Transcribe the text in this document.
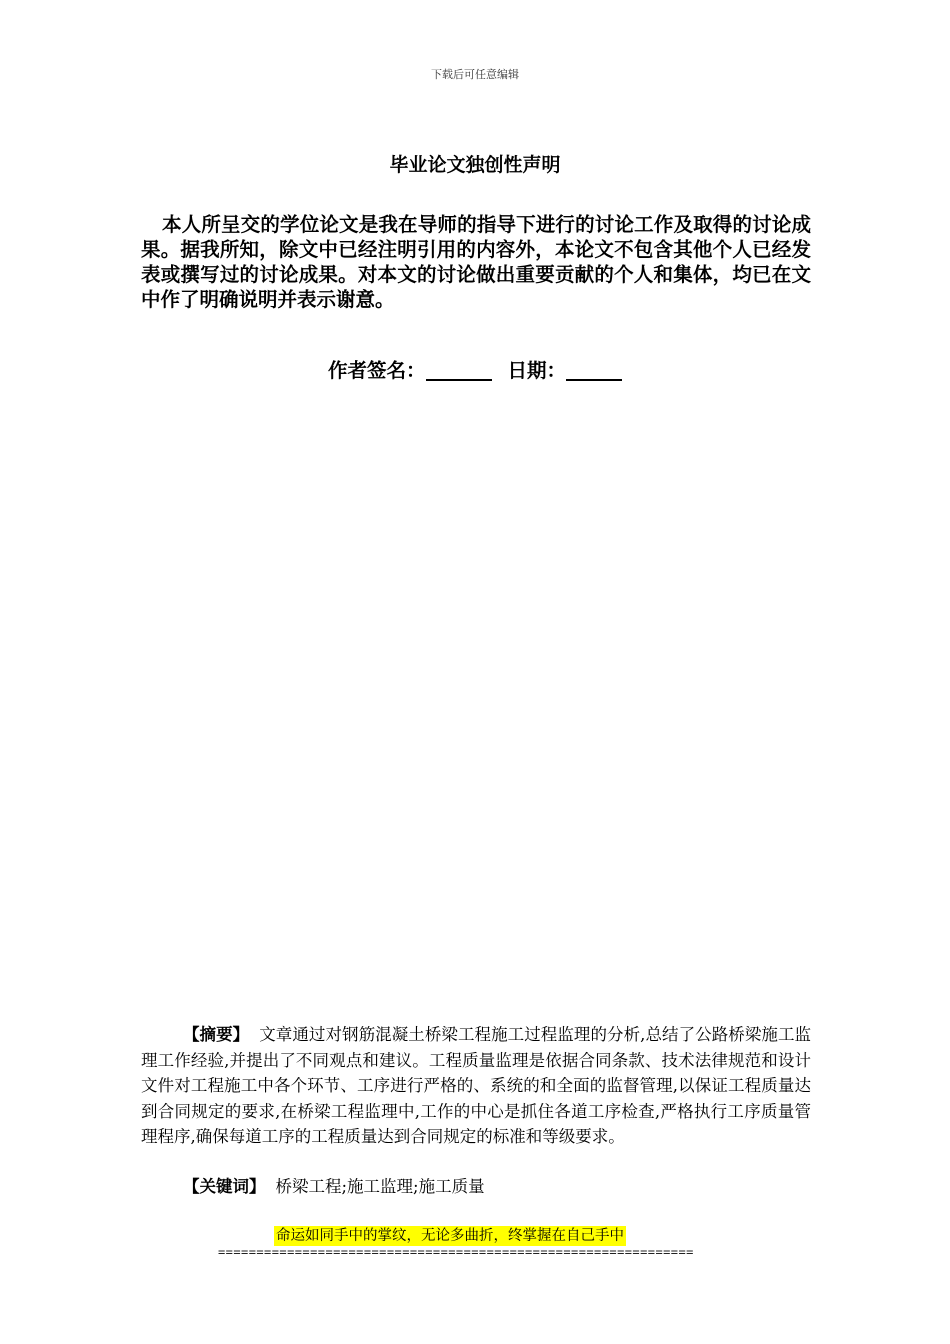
下载后可任意编辑
毕业论文独创性声明

本人所呈交的学位论文是我在导师的指导下进行的讨论工作及取得的讨论成果。据我所知，除文中已经注明引用的内容外，本论文不包含其他个人已经发表或撰写过的讨论成果。对本文的讨论做出重要贡献的个人和集体，均已在文中作了明确说明并表示谢意。

作者签名：	日期：

【摘要】 文章通过对钢筋混凝土桥梁工程施工过程监理的分析,总结了公路桥梁施工监理工作经验,并提出了不同观点和建议。工程质量监理是依据合同条款、技术法律规范和设计文件对工程施工中各个环节、工序进行严格的、系统的和全面的监督管理,以保证工程质量达到合同规定的要求,在桥梁工程监理中,工作的中心是抓住各道工序检查,严格执行工序质量管理程序,确保每道工序的工程质量达到合同规定的标准和等级要求。

【关键词】 桥梁工程;施工监理;施工质量
命运如同手中的掌纹，无论多曲折，终掌握在自己手中
==============================================================
